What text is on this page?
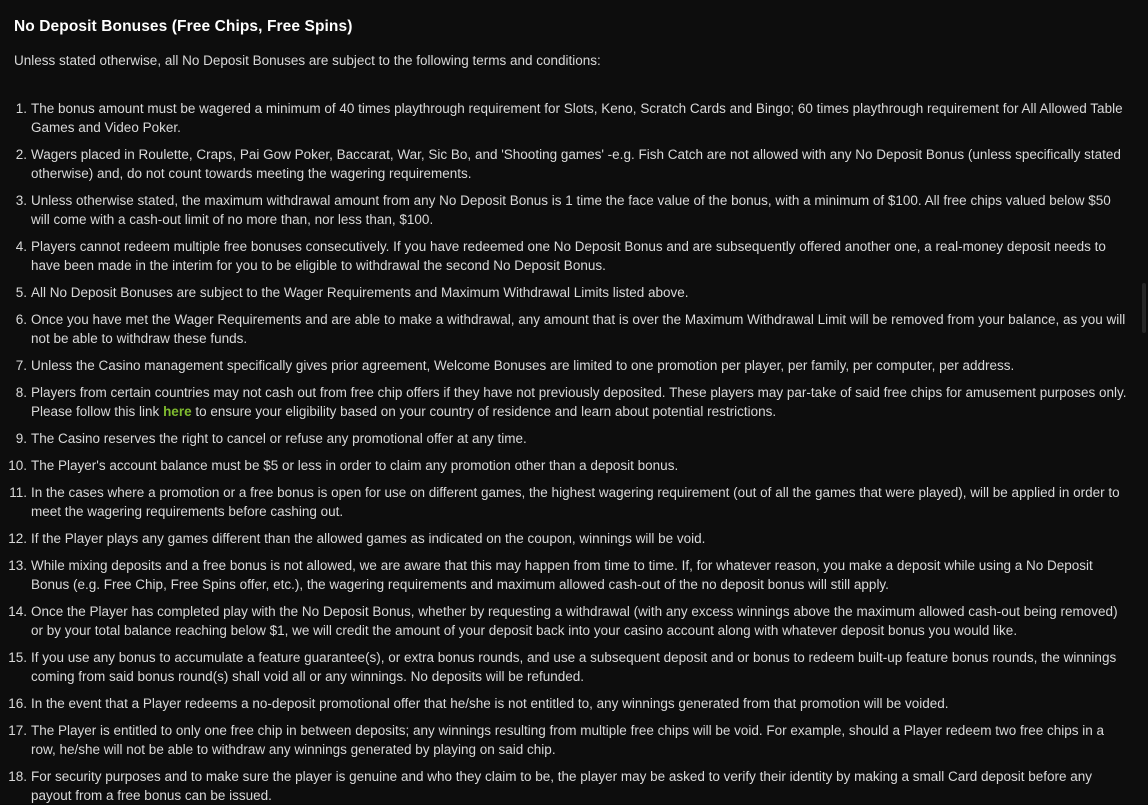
No Deposit Bonuses (Free Chips, Free Spins)

Unless stated otherwise, all No Deposit Bonuses are subject to the following terms and conditions:

The bonus amount must be wagered a minimum of 40 times playthrough requirement for Slots, Keno, Scratch Cards and Bingo; 60 times playthrough requirement for All Allowed Table Games and Video Poker.
Wagers placed in Roulette, Craps, Pai Gow Poker, Baccarat, War, Sic Bo, and 'Shooting games' -e.g. Fish Catch are not allowed with any No Deposit Bonus (unless specifically stated otherwise) and, do not count towards meeting the wagering requirements.
Unless otherwise stated, the maximum withdrawal amount from any No Deposit Bonus is 1 time the face value of the bonus, with a minimum of $100. All free chips valued below $50 will come with a cash-out limit of no more than, nor less than, $100.
Players cannot redeem multiple free bonuses consecutively. If you have redeemed one No Deposit Bonus and are subsequently offered another one, a real-money deposit needs to have been made in the interim for you to be eligible to withdrawal the second No Deposit Bonus.
All No Deposit Bonuses are subject to the Wager Requirements and Maximum Withdrawal Limits listed above.
Once you have met the Wager Requirements and are able to make a withdrawal, any amount that is over the Maximum Withdrawal Limit will be removed from your balance, as you will not be able to withdraw these funds.
Unless the Casino management specifically gives prior agreement, Welcome Bonuses are limited to one promotion per player, per family, per computer, per address.
Players from certain countries may not cash out from free chip offers if they have not previously deposited. These players may par-take of said free chips for amusement purposes only. Please follow this link here to ensure your eligibility based on your country of residence and learn about potential restrictions.
The Casino reserves the right to cancel or refuse any promotional offer at any time.
The Player's account balance must be $5 or less in order to claim any promotion other than a deposit bonus.
In the cases where a promotion or a free bonus is open for use on different games, the highest wagering requirement (out of all the games that were played), will be applied in order to meet the wagering requirements before cashing out.
If the Player plays any games different than the allowed games as indicated on the coupon, winnings will be void.
While mixing deposits and a free bonus is not allowed, we are aware that this may happen from time to time. If, for whatever reason, you make a deposit while using a No Deposit Bonus (e.g. Free Chip, Free Spins offer, etc.), the wagering requirements and maximum allowed cash-out of the no deposit bonus will still apply.
Once the Player has completed play with the No Deposit Bonus, whether by requesting a withdrawal (with any excess winnings above the maximum allowed cash-out being removed) or by your total balance reaching below $1, we will credit the amount of your deposit back into your casino account along with whatever deposit bonus you would like.
If you use any bonus to accumulate a feature guarantee(s), or extra bonus rounds, and use a subsequent deposit and or bonus to redeem built-up feature bonus rounds, the winnings coming from said bonus round(s) shall void all or any winnings. No deposits will be refunded.
In the event that a Player redeems a no-deposit promotional offer that he/she is not entitled to, any winnings generated from that promotion will be voided.
The Player is entitled to only one free chip in between deposits; any winnings resulting from multiple free chips will be void. For example, should a Player redeem two free chips in a row, he/she will not be able to withdraw any winnings generated by playing on said chip.
For security purposes and to make sure the player is genuine and who they claim to be, the player may be asked to verify their identity by making a small Card deposit before any payout from a free bonus can be issued.
